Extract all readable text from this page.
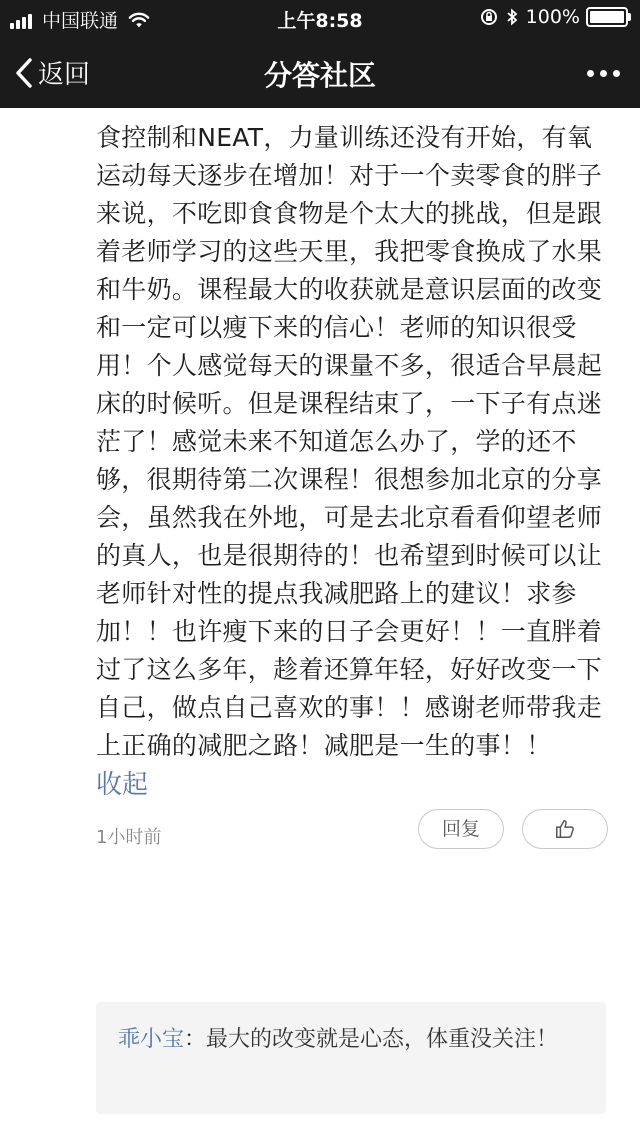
中国联通	上午8:58	100%
返回	分答社区

食控制和NEAT，力量训练还没有开始，有氧运动每天逐步在增加！对于一个卖零食的胖子来说，不吃即食食物是个太大的挑战，但是跟着老师学习的这些天里，我把零食换成了水果和牛奶。课程最大的收获就是意识层面的改变和一定可以瘦下来的信心！老师的知识很受用！个人感觉每天的课量不多，很适合早晨起床的时候听。但是课程结束了，一下子有点迷茫了！感觉未来不知道怎么办了，学的还不够，很期待第二次课程！很想参加北京的分享会，虽然我在外地，可是去北京看看仰望老师的真人，也是很期待的！也希望到时候可以让老师针对性的提点我减肥路上的建议！求参加！！也许瘦下来的日子会更好！！一直胖着过了这么多年，趁着还算年轻，好好改变一下自己，做点自己喜欢的事！！感谢老师带我走上正确的减肥之路！减肥是一生的事！！

收起
1小时前	回复
乖小宝：最大的改变就是心态，体重没关注！
